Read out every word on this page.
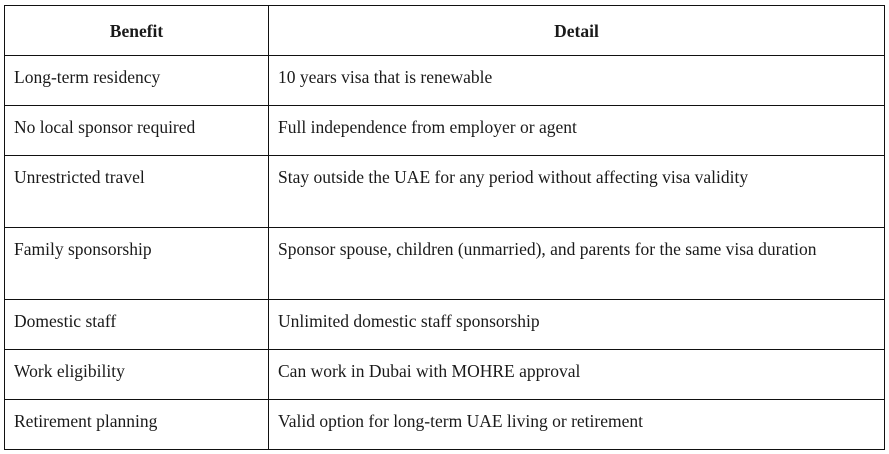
Benefit	Detail
Long-term residency	10 years visa that is renewable
No local sponsor required	Full independence from employer or agent
Unrestricted travel	Stay outside the UAE for any period without affecting visa validity
Family sponsorship	Sponsor spouse, children (unmarried), and parents for the same visa duration
Domestic staff	Unlimited domestic staff sponsorship
Work eligibility	Can work in Dubai with MOHRE approval
Retirement planning	Valid option for long-term UAE living or retirement
